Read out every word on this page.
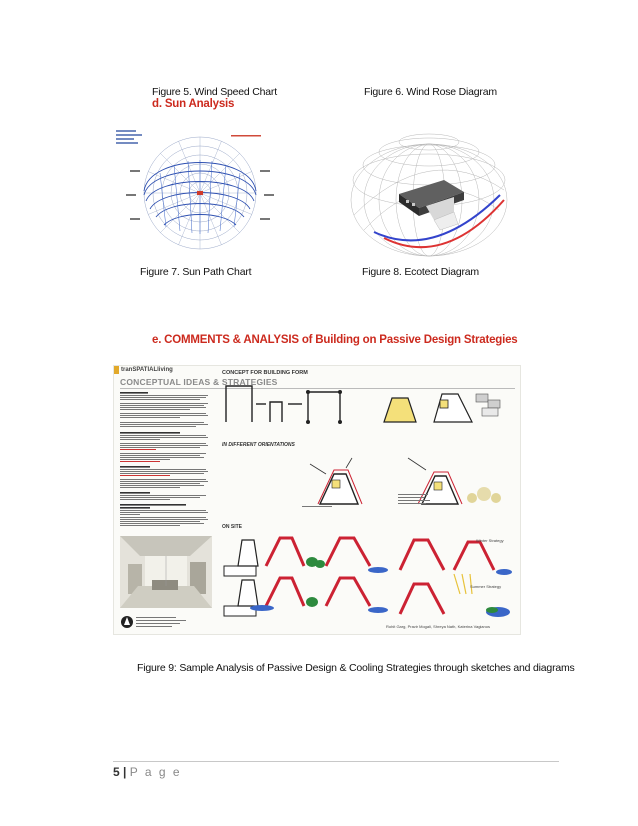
Figure 5. Wind Speed Chart	Figure 6. Wind Rose Diagram
d. Sun Analysis
Figure 7. Sun Path Chart	Figure 8. Ecotect Diagram
e. COMMENTS & ANALYSIS of Building on Passive Design Strategies
tranSPATIALliving
CONCEPTUAL IDEAS & STRATEGIES
CONCEPT FOR BUILDING FORM
IN DIFFERENT ORIENTATIONS
ON SITE
Winter Strategy
Summer Strategy
Rohit Garg, Pravir Mogali, Shreya Nath, Katerina Vagianos
Figure 9: Sample Analysis of Passive Design & Cooling Strategies through sketches and diagrams
5 | P a g e
